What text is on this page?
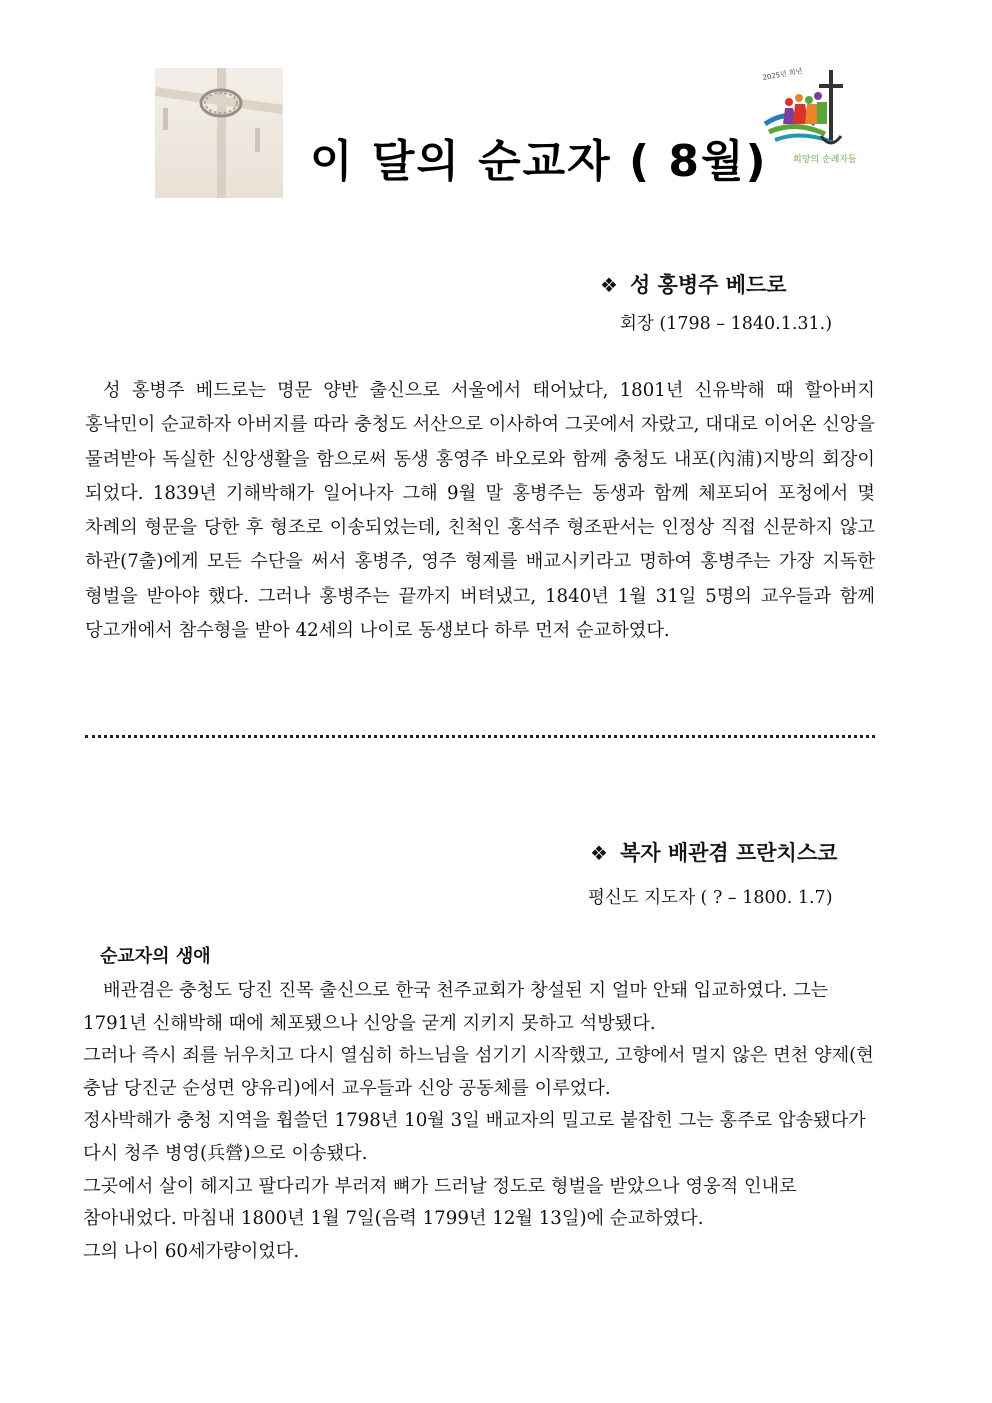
이 달의 순교자 ( 8월)
2025년 희년
희망의 순례자들
❖ 성 홍병주 베드로
회장 (1798 – 1840.1.31.)
성 홍병주 베드로는 명문 양반 출신으로 서울에서 태어났다, 1801년 신유박해 때 할아버지 홍낙민이 순교하자 아버지를 따라 충청도 서산으로 이사하여 그곳에서 자랐고, 대대로 이어온 신앙을 물려받아 독실한 신앙생활을 함으로써 동생 홍영주 바오로와 함께 충청도 내포(內浦)지방의 회장이 되었다. 1839년 기해박해가 일어나자 그해 9월 말 홍병주는 동생과 함께 체포되어 포청에서 몇 차례의 형문을 당한 후 형조로 이송되었는데, 친척인 홍석주 형조판서는 인정상 직접 신문하지 않고 하관(7출)에게 모든 수단을 써서 홍병주, 영주 형제를 배교시키라고 명하여 홍병주는 가장 지독한 형벌을 받아야 했다. 그러나 홍병주는 끝까지 버텨냈고, 1840년 1월 31일 5명의 교우들과 함께 당고개에서 참수형을 받아 42세의 나이로 동생보다 하루 먼저 순교하였다.
❖ 복자 배관겸 프란치스코
평신도 지도자 ( ? – 1800. 1.7)
순교자의 생애

배관겸은 충청도 당진 진목 출신으로 한국 천주교회가 창설된 지 얼마 안돼 입교하였다. 그는 1791년 신해박해 때에 체포됐으나 신앙을 굳게 지키지 못하고 석방됐다.

그러나 즉시 죄를 뉘우치고 다시 열심히 하느님을 섬기기 시작했고, 고향에서 멀지 않은 면천 양제(현 충남 당진군 순성면 양유리)에서 교우들과 신앙 공동체를 이루었다.

정사박해가 충청 지역을 휩쓸던 1798년 10월 3일 배교자의 밀고로 붙잡힌 그는 홍주로 압송됐다가 다시 청주 병영(兵營)으로 이송됐다.

그곳에서 살이 헤지고 팔다리가 부러져 뼈가 드러날 정도로 형벌을 받았으나 영웅적 인내로 참아내었다. 마침내 1800년 1월 7일(음력 1799년 12월 13일)에 순교하였다.

그의 나이 60세가량이었다.
